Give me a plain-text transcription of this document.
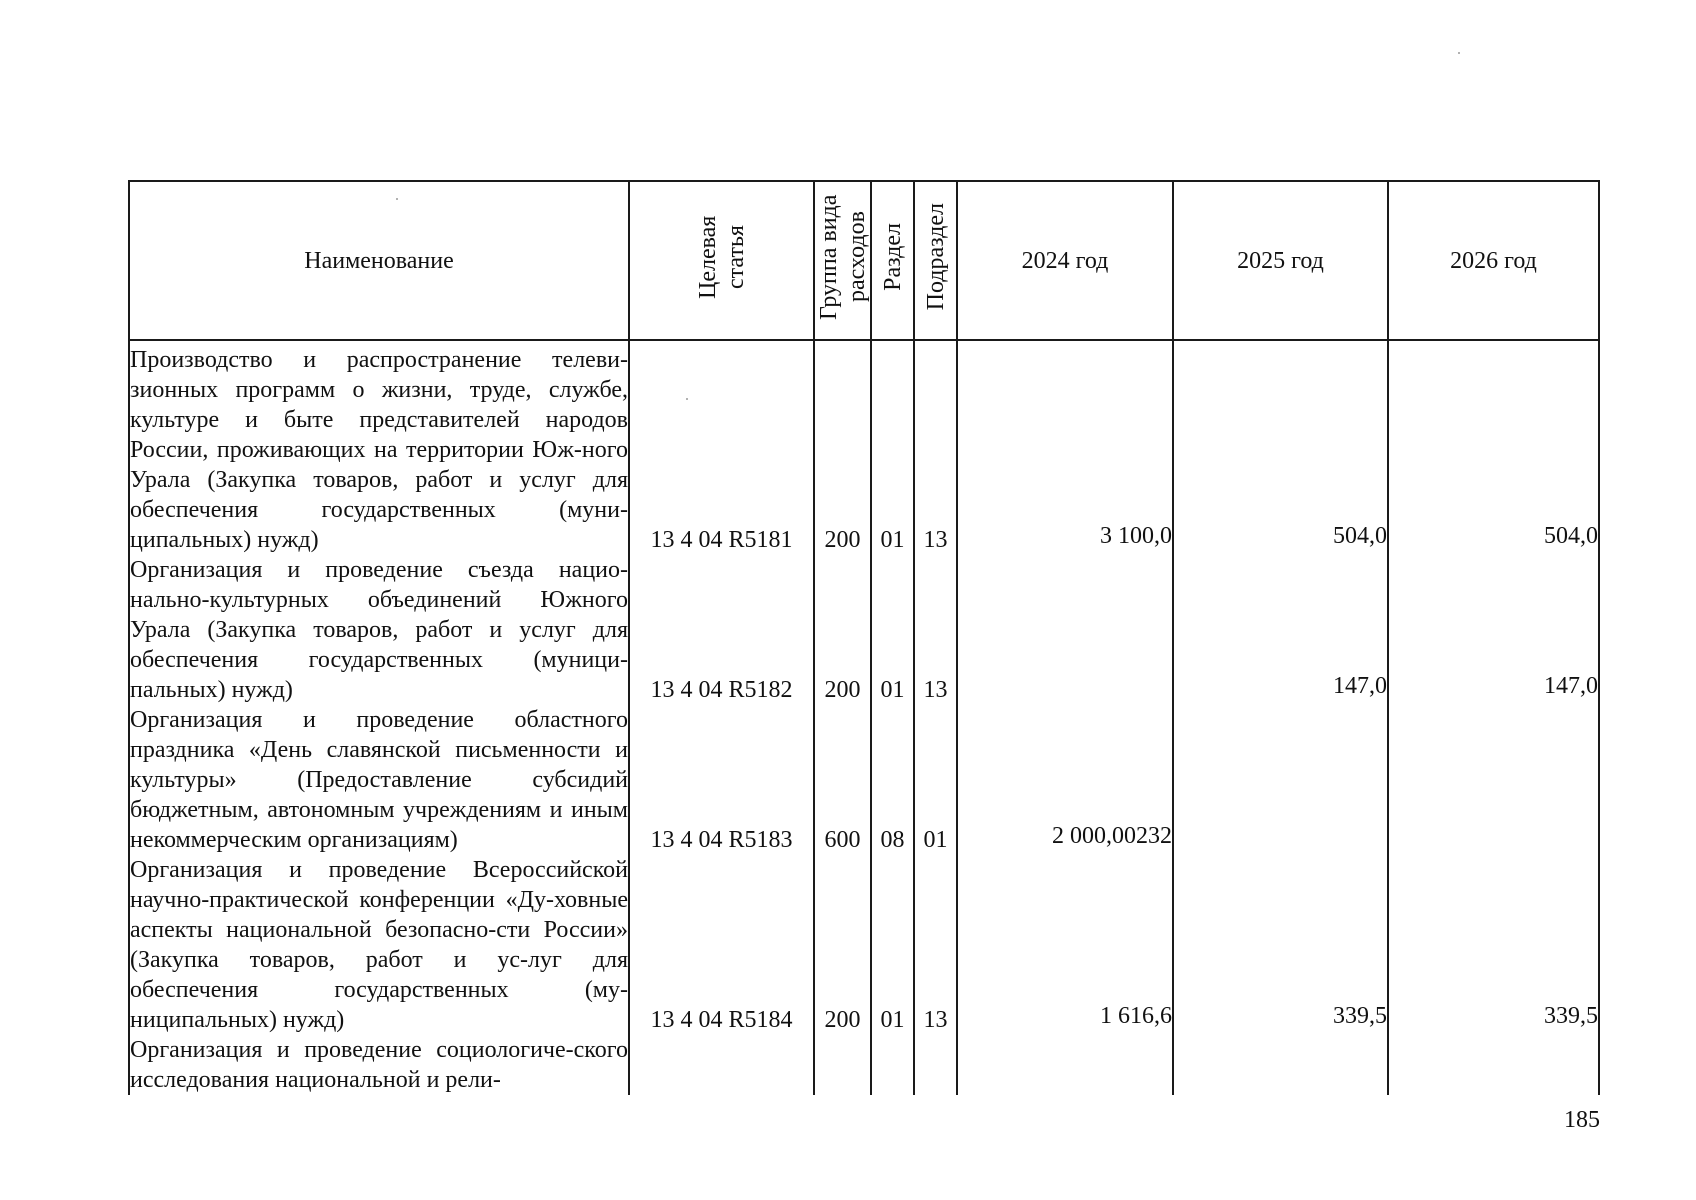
Наименование	Целевая статья	Группа вида расходов	Раздел	Подраздел	2024 год	2025 год	2026 год
Производство и распространение телеви-зионных программ о жизни, труде, службе, культуре и быте представителей народов России, проживающих на территории Юж-ного Урала (Закупка товаров, работ и услуг для обеспечения государственных (муни-ципальных) нужд)	13 4 04 R5181	200	01	13	3 100,0	504,0	504,0
Организация и проведение съезда нацио-нально-культурных объединений Южного Урала (Закупка товаров, работ и услуг для обеспечения государственных (муници-пальных) нужд)	13 4 04 R5182	200	01	13		147,0	147,0
Организация и проведение областного праздника «День славянской письменности и культуры» (Предоставление субсидий бюджетным, автономным учреждениям и иным некоммерческим организациям)	13 4 04 R5183	600	08	01	2 000,00232		
Организация и проведение Всероссийской научно-практической конференции «Ду-ховные аспекты национальной безопасно-сти России» (Закупка товаров, работ и ус-луг для обеспечения государственных (му-ниципальных) нужд)	13 4 04 R5184	200	01	13	1 616,6	339,5	339,5
Организация и проведение социологиче-ского исследования национальной и рели-							
185
